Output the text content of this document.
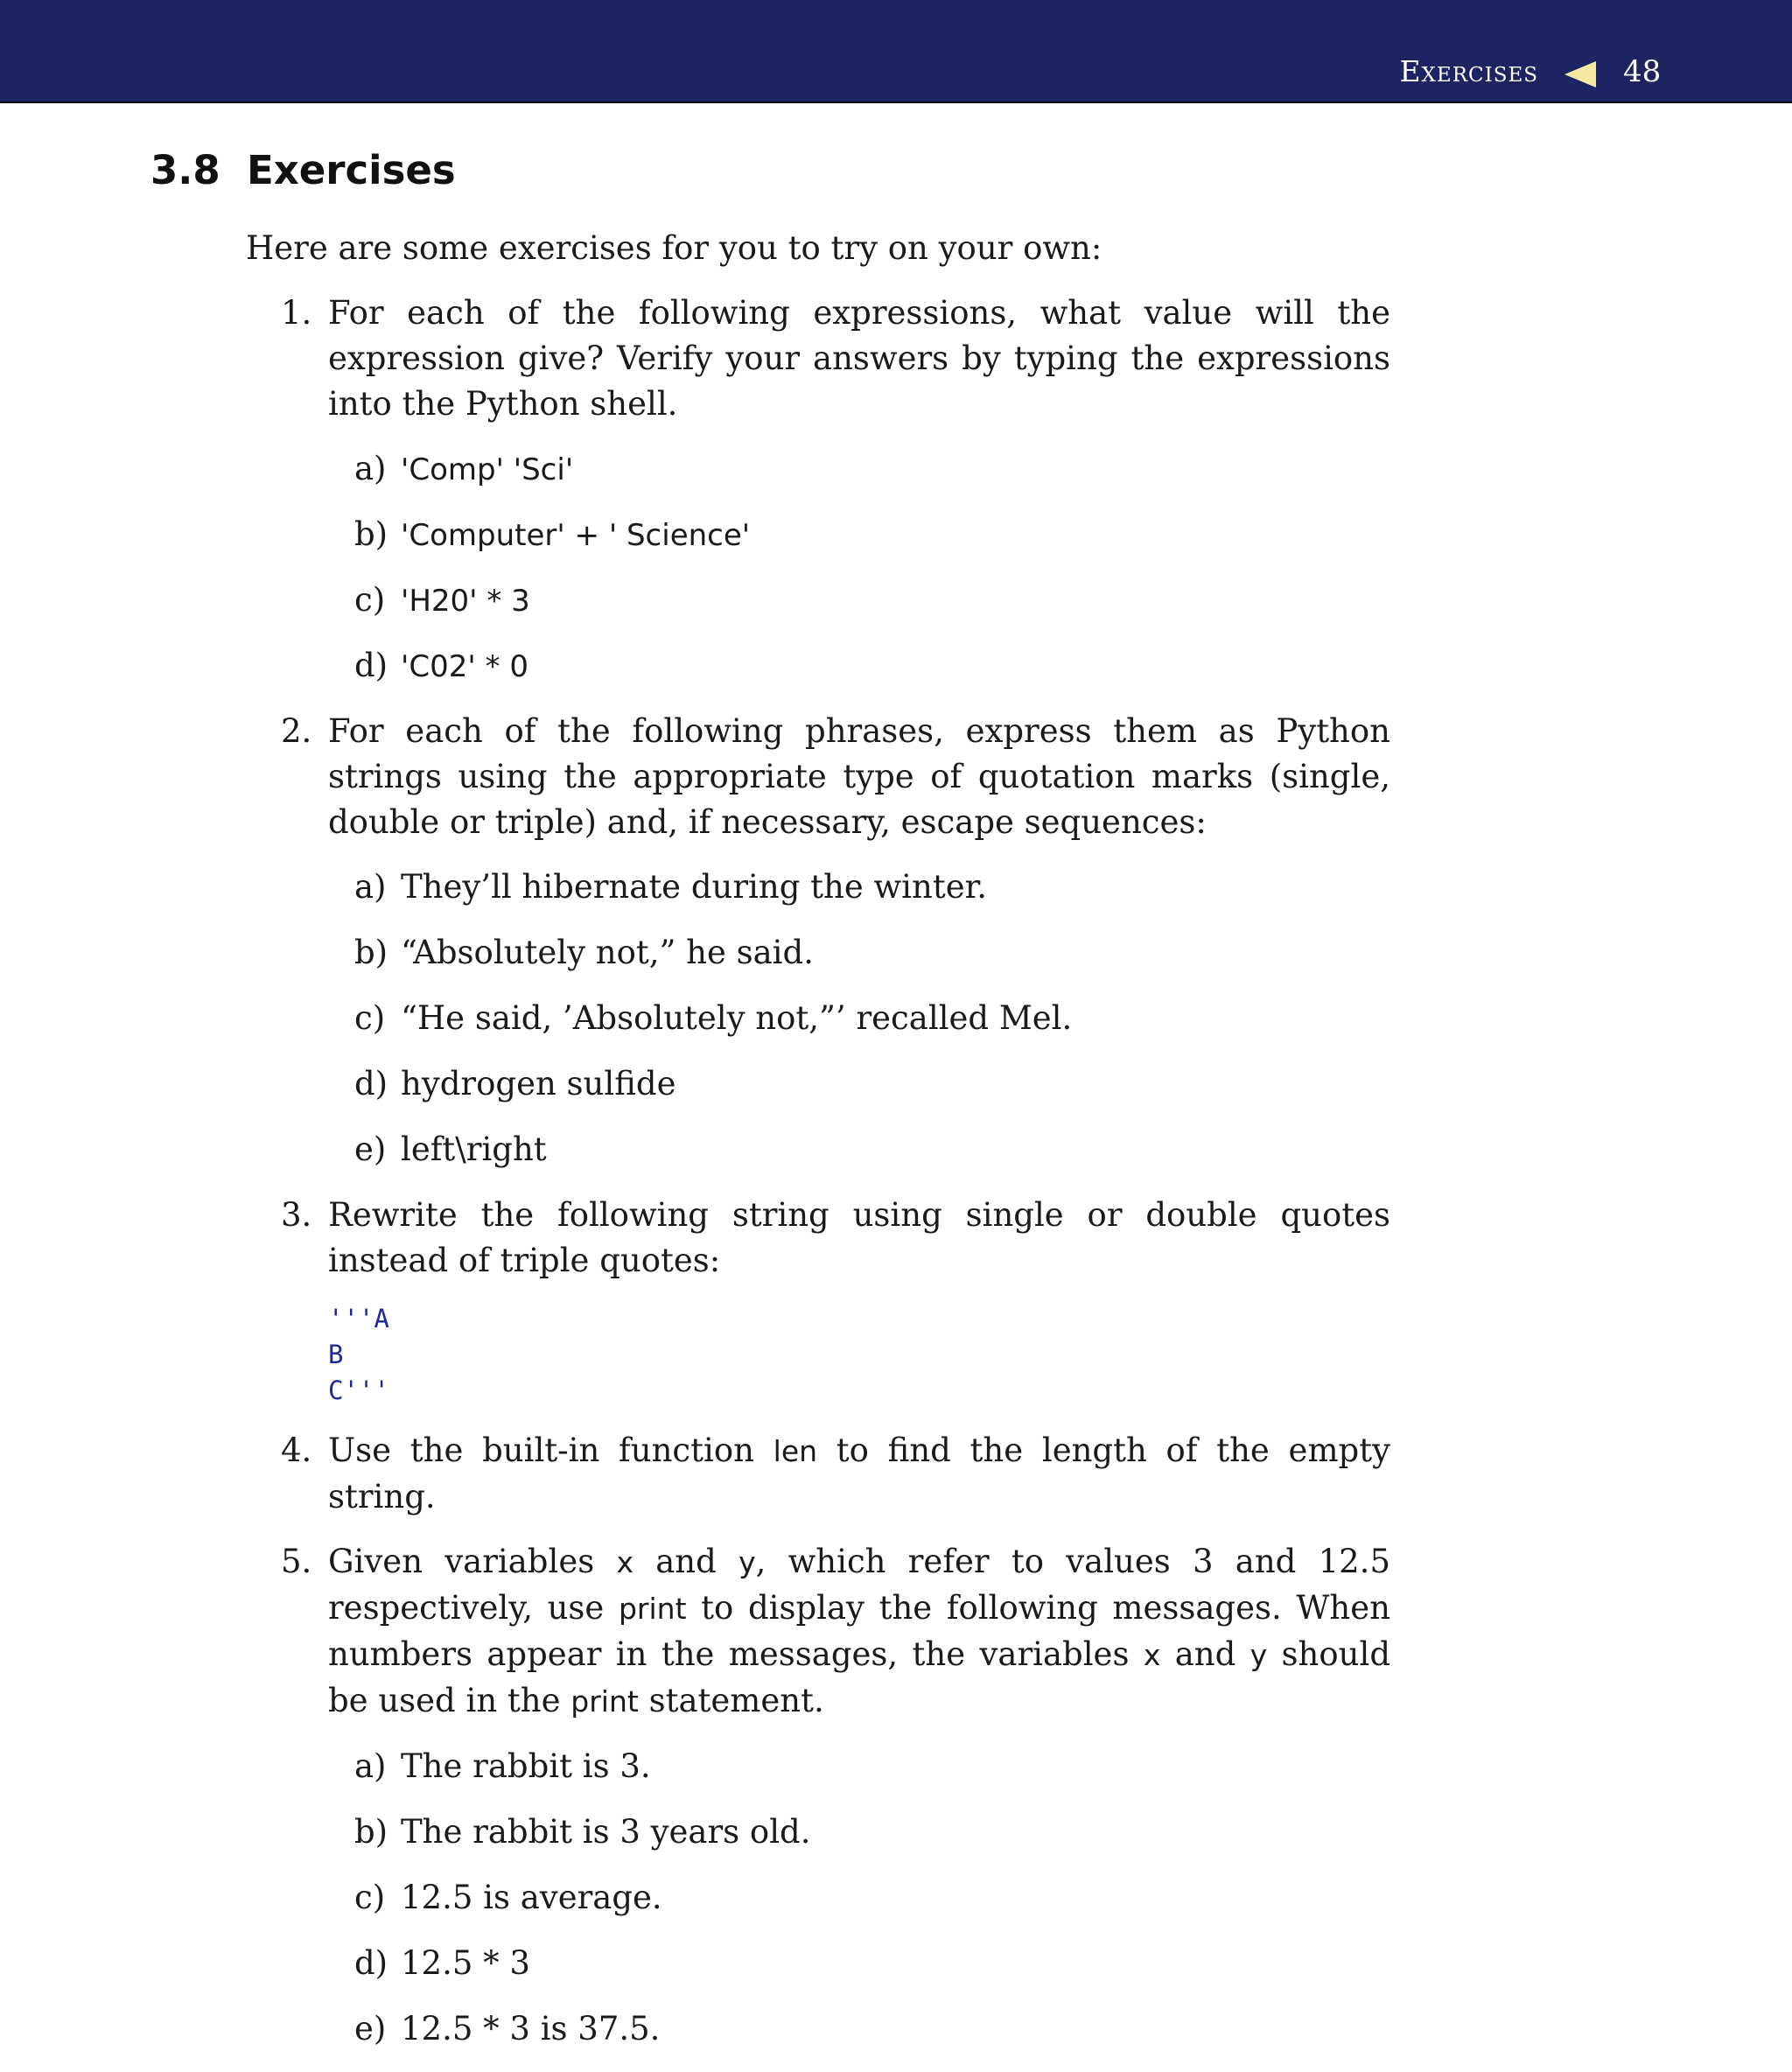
Exercises	48
3.8 Exercises

Here are some exercises for you to try on your own:

1. For each of the following expressions, what value will the expression give? Verify your answers by typing the expressions into the Python shell.
a) 'Comp' 'Sci'
b) 'Computer' + ' Science'
c) 'H20' * 3
d) 'C02' * 0
2. For each of the following phrases, express them as Python strings using the appropriate type of quotation marks (single, double or triple) and, if necessary, escape sequences:
a) They’ll hibernate during the winter.
b) “Absolutely not,” he said.
c) “He said, ’Absolutely not,”’ recalled Mel.
d) hydrogen sulfide
e) left\right
3. Rewrite the following string using single or double quotes instead of triple quotes:
'''A
B
C'''
4. Use the built-in function len to find the length of the empty string.
5. Given variables x and y, which refer to values 3 and 12.5 respectively, use print to display the following messages. When numbers appear in the messages, the variables x and y should be used in the print statement.
a) The rabbit is 3.
b) The rabbit is 3 years old.
c) 12.5 is average.
d) 12.5 * 3
e) 12.5 * 3 is 37.5.
